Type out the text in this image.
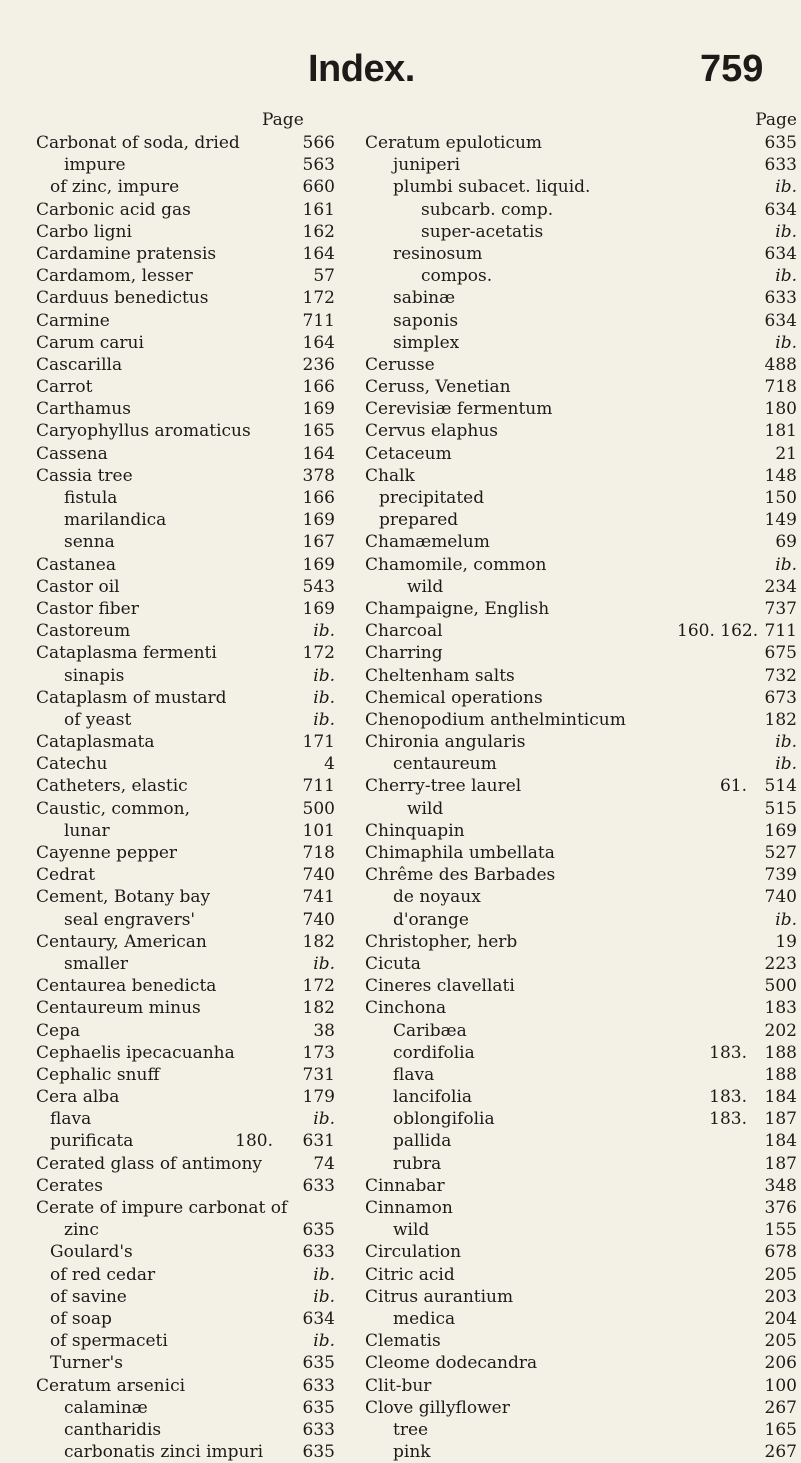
Index.	759
Page
Carbonat of soda, dried	566
impure	563
of zinc, impure	660
Carbonic acid gas	161
Carbo ligni	162
Cardamine pratensis	164
Cardamom, lesser	57
Carduus benedictus	172
Carmine	711
Carum carui	164
Cascarilla	236
Carrot	166
Carthamus	169
Caryophyllus aromaticus	165
Cassena	164
Cassia tree	378
fistula	166
marilandica	169
senna	167
Castanea	169
Castor oil	543
Castor fiber	169
Castoreum	ib.
Cataplasma fermenti	172
sinapis	ib.
Cataplasm of mustard	ib.
of yeast	ib.
Cataplasmata	171
Catechu	4
Catheters, elastic	711
Caustic, common,	500
lunar	101
Cayenne pepper	718
Cedrat	740
Cement, Botany bay	741
seal engravers'	740
Centaury, American	182
smaller	ib.
Centaurea benedicta	172
Centaureum minus	182
Cepa	38
Cephaelis ipecacuanha	173
Cephalic snuff	731
Cera alba	179
flava	ib.
purificata	180.	631
Cerated glass of antimony	74
Cerates	633
Cerate of impure carbonat of
zinc	635
Goulard's	633
of red cedar	ib.
of savine	ib.
of soap	634
of spermaceti	ib.
Turner's	635
Ceratum arsenici	633
calaminæ	635
cantharidis	633
carbonatis zinci impuri	635
Page
Ceratum epuloticum	635
juniperi	633
plumbi subacet. liquid.	ib.
subcarb. comp.	634
super-acetatis	ib.
resinosum	634
compos.	ib.
sabinæ	633
saponis	634
simplex	ib.
Cerusse	488
Ceruss, Venetian	718
Cerevisiæ fermentum	180
Cervus elaphus	181
Cetaceum	21
Chalk	148
precipitated	150
prepared	149
Chamæmelum	69
Chamomile, common	ib.
wild	234
Champaigne, English	737
Charcoal	160. 162. 711
Charring	675
Cheltenham salts	732
Chemical operations	673
Chenopodium anthelminticum	182
Chironia angularis	ib.
centaureum	ib.
Cherry-tree laurel	61.	514
wild	515
Chinquapin	169
Chimaphila umbellata	527
Chrême des Barbades	739
de noyaux	740
d'orange	ib.
Christopher, herb	19
Cicuta	223
Cineres clavellati	500
Cinchona	183
Caribæa	202
cordifolia	183.	188
flava	188
lancifolia	183.	184
oblongifolia	183.	187
pallida	184
rubra	187
Cinnabar	348
Cinnamon	376
wild	155
Circulation	678
Citric acid	205
Citrus aurantium	203
medica	204
Clematis	205
Cleome dodecandra	206
Clit-bur	100
Clove gillyflower	267
tree	165
pink	267
